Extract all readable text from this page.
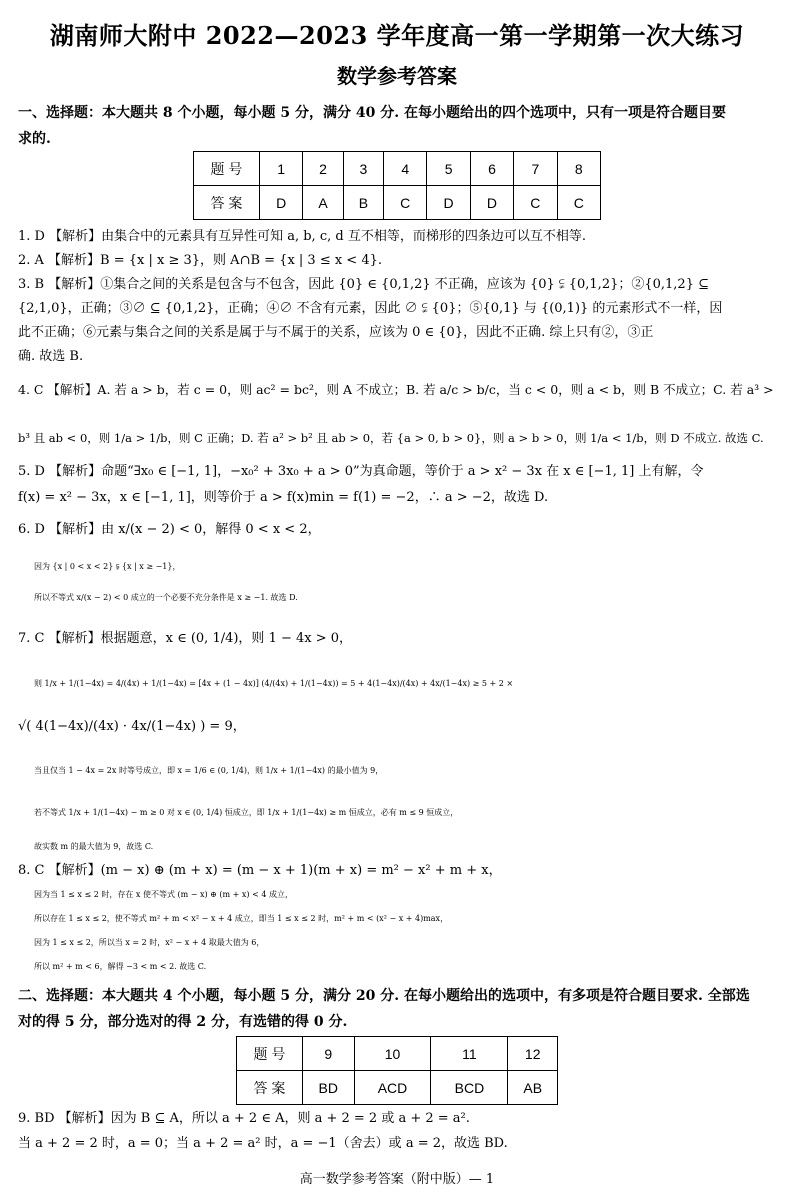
湖南师大附中 2022—2023 学年度高一第一学期第一次大练习
数学参考答案
一、选择题：本大题共 8 个小题，每小题 5 分，满分 40 分. 在每小题给出的四个选项中，只有一项是符合题目要
求的.
题 号	1	2	3	4	5	6	7	8
答 案	D	A	B	C	D	D	C	C
1. D 【解析】由集合中的元素具有互异性可知 a, b, c, d 互不相等，而梯形的四条边可以互不相等.
2. A 【解析】B = {x | x ≥ 3}，则 A∩B = {x | 3 ≤ x < 4}.
3. B 【解析】①集合之间的关系是包含与不包含，因此 {0} ∈ {0,1,2} 不正确，应该为 {0} ⫋ {0,1,2}；②{0,1,2} ⊆
{2,1,0}，正确；③∅ ⊆ {0,1,2}，正确；④∅ 不含有元素，因此 ∅ ⫋ {0}；⑤{0,1} 与 {(0,1)} 的元素形式不一样，因
此不正确；⑥元素与集合之间的关系是属于与不属于的关系，应该为 0 ∈ {0}，因此不正确. 综上只有②，③正
确. 故选 B.
4. C 【解析】A. 若 a > b，若 c = 0，则 ac² = bc²，则 A 不成立；B. 若 a/c > b/c，当 c < 0，则 a < b，则 B 不成立；C. 若 a³ >
b³ 且 ab < 0，则 1/a > 1/b，则 C 正确；D. 若 a² > b² 且 ab > 0，若 {a > 0, b > 0}，则 a > b > 0，则 1/a < 1/b，则 D 不成立. 故选 C.
5. D 【解析】命题“∃x₀ ∈ [−1, 1]，−x₀² + 3x₀ + a > 0”为真命题，等价于 a > x² − 3x 在 x ∈ [−1, 1] 上有解，令
f(x) = x² − 3x，x ∈ [−1, 1]，则等价于 a > f(x)min = f(1) = −2，∴ a > −2，故选 D.
6. D 【解析】由 x/(x − 2) < 0，解得 0 < x < 2，
因为 {x | 0 < x < 2} ⫋ {x | x ≥ −1}，
所以不等式 x/(x − 2) < 0 成立的一个必要不充分条件是 x ≥ −1. 故选 D.
7. C 【解析】根据题意，x ∈ (0, 1/4)，则 1 − 4x > 0，
则 1/x + 1/(1−4x) = 4/(4x) + 1/(1−4x) = [4x + (1 − 4x)] (4/(4x) + 1/(1−4x)) = 5 + 4(1−4x)/(4x) + 4x/(1−4x) ≥ 5 + 2 ×
√( 4(1−4x)/(4x) · 4x/(1−4x) ) = 9，
当且仅当 1 − 4x = 2x 时等号成立，即 x = 1/6 ∈ (0, 1/4)，则 1/x + 1/(1−4x) 的最小值为 9，
若不等式 1/x + 1/(1−4x) − m ≥ 0 对 x ∈ (0, 1/4) 恒成立，即 1/x + 1/(1−4x) ≥ m 恒成立，必有 m ≤ 9 恒成立，
故实数 m 的最大值为 9，故选 C.
8. C 【解析】(m − x) ⊕ (m + x) = (m − x + 1)(m + x) = m² − x² + m + x，
因为当 1 ≤ x ≤ 2 时，存在 x 使不等式 (m − x) ⊕ (m + x) < 4 成立，
所以存在 1 ≤ x ≤ 2，使不等式 m² + m < x² − x + 4 成立，即当 1 ≤ x ≤ 2 时，m² + m < (x² − x + 4)max，
因为 1 ≤ x ≤ 2，所以当 x = 2 时，x² − x + 4 取最大值为 6，
所以 m² + m < 6，解得 −3 < m < 2. 故选 C.
二、选择题：本大题共 4 个小题，每小题 5 分，满分 20 分. 在每小题给出的选项中，有多项是符合题目要求. 全部选
对的得 5 分，部分选对的得 2 分，有选错的得 0 分.
题 号	9	10	11	12
答 案	BD	ACD	BCD	AB
9. BD 【解析】因为 B ⊆ A，所以 a + 2 ∈ A，则 a + 2 = 2 或 a + 2 = a².
当 a + 2 = 2 时，a = 0；当 a + 2 = a² 时，a = −1（舍去）或 a = 2，故选 BD.
高一数学参考答案（附中版）— 1
